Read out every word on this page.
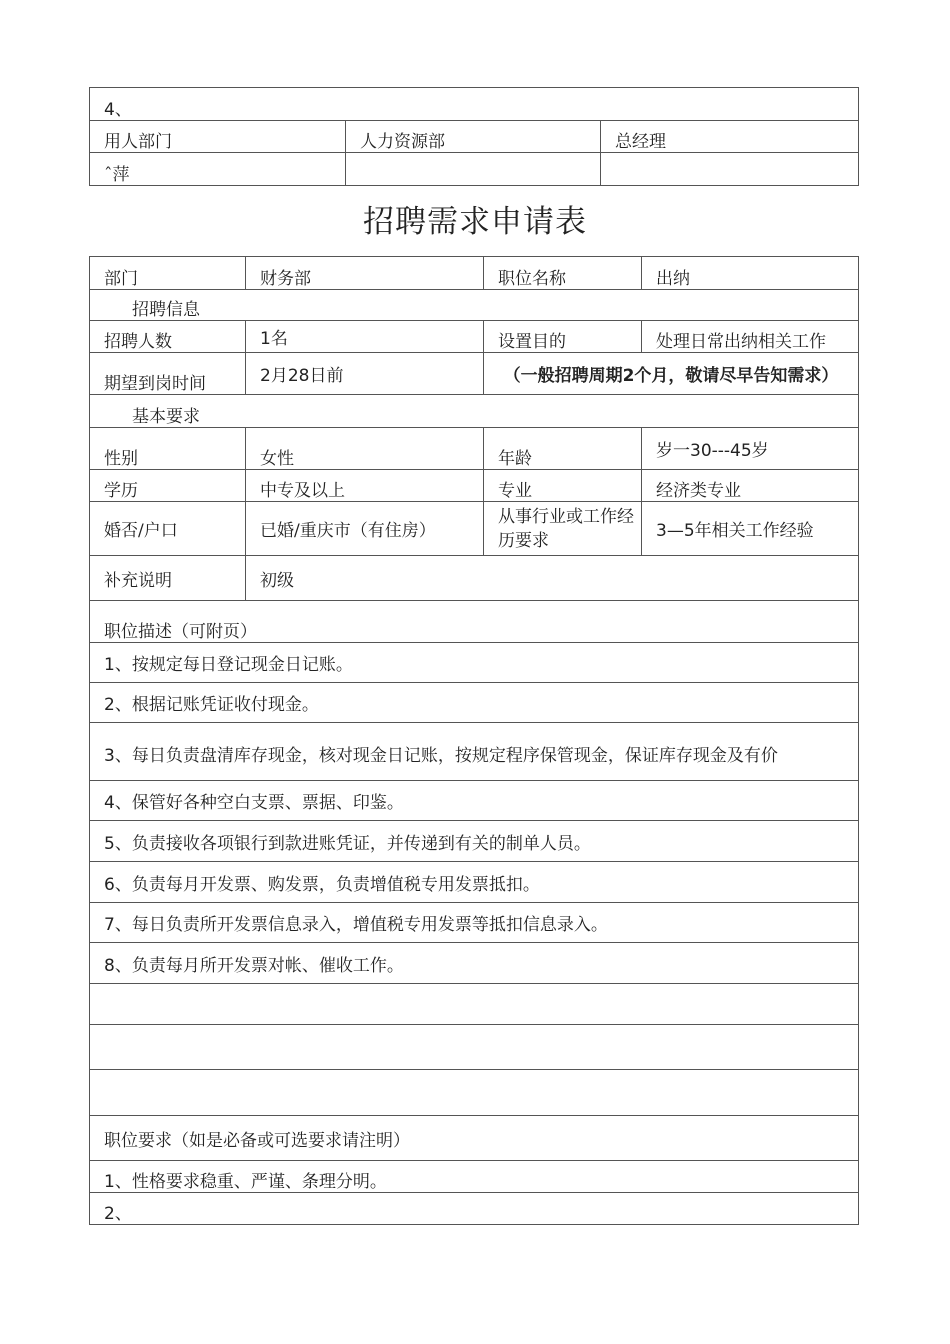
4、		
用人部门	人力资源部	总经理
ˆ萍		
招聘需求申请表
部门	财务部	职位名称	出纳
招聘信息			
招聘人数	1名	设置目的	处理日常出纳相关工作
期望到岗时间	2月28日前	（一般招聘周期2个月，敬请尽早告知需求）	
基本要求			
性别	女性	年龄	岁一30---45岁
学历	中专及以上	专业	经济类专业
婚否/户口	已婚/重庆市（有住房）	从事行业或工作经历要求	3—5年相关工作经验
补充说明	初级		
职位描述（可附页）			
1、按规定每日登记现金日记账。			
2、根据记账凭证收付现金。			
3、每日负责盘清库存现金，核对现金日记账，按规定程序保管现金，保证库存现金及有价			
4、保管好各种空白支票、票据、印鉴。			
5、负责接收各项银行到款进账凭证，并传递到有关的制单人员。			
6、负责每月开发票、购发票，负责增值税专用发票抵扣。			
7、每日负责所开发票信息录入，增值税专用发票等抵扣信息录入。			
8、负责每月所开发票对帐、催收工作。			

职位要求（如是必备或可选要求请注明）			
1、性格要求稳重、严谨、条理分明。			
2、			
